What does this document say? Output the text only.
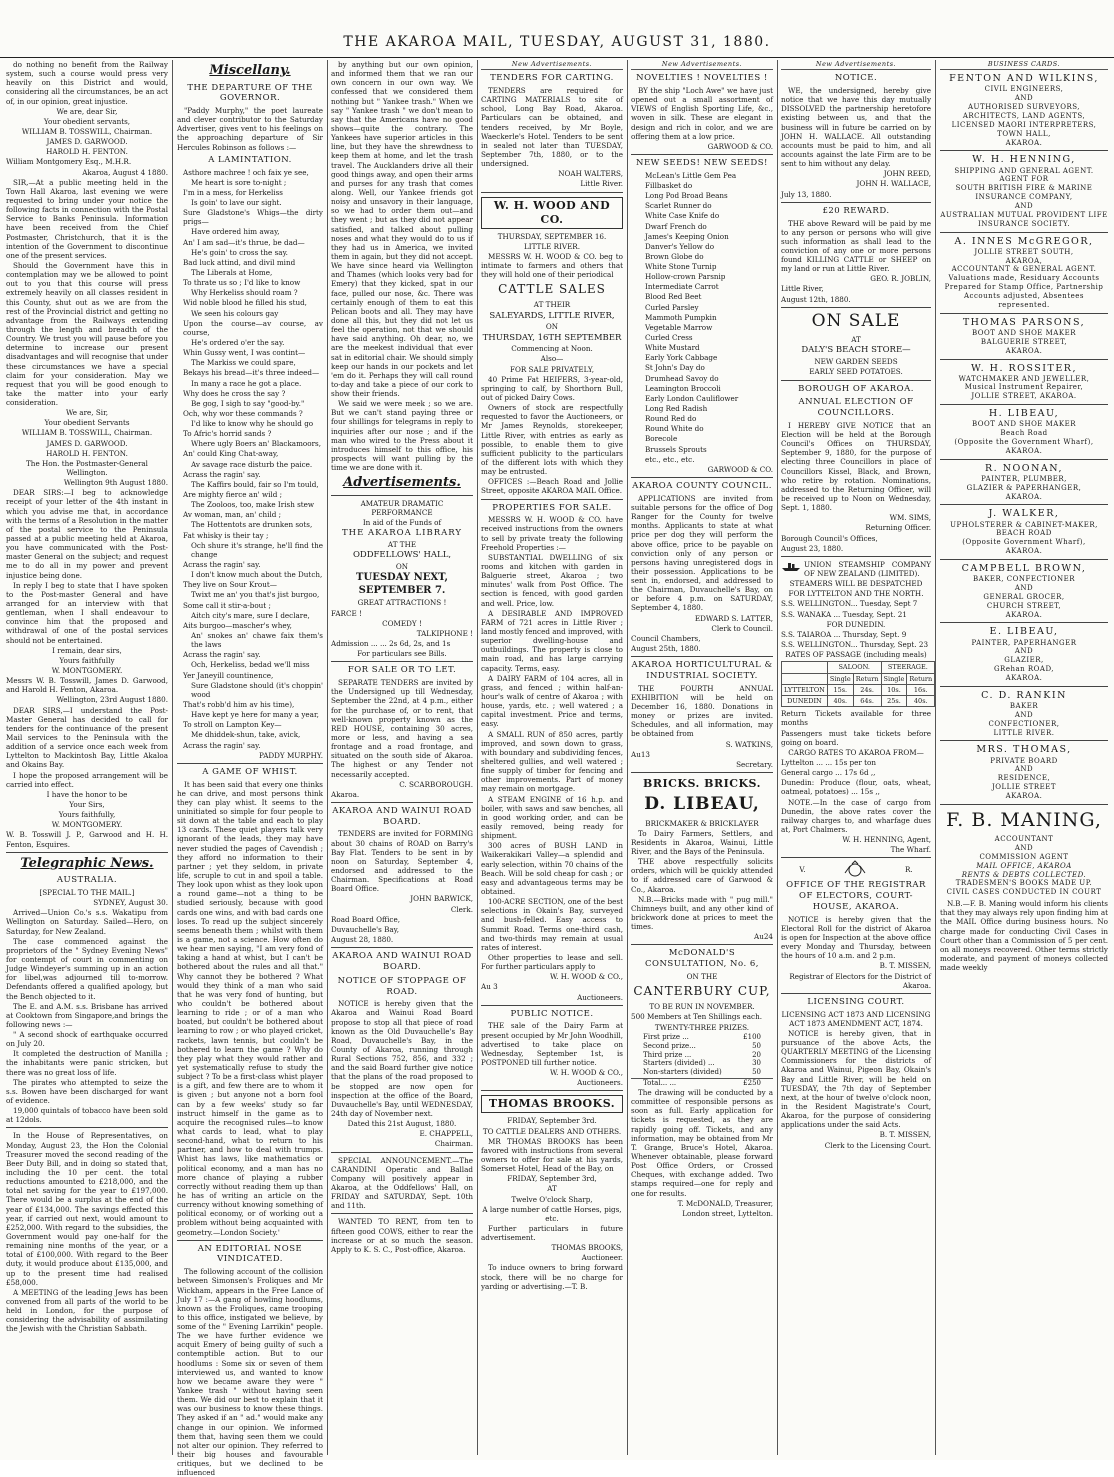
THE AKAROA MAIL, TUESDAY, AUGUST 31, 1880.

do nothing no benefit from the Railway system, such a course would press very heavily on this District and would, considering all the circumstances, be an act of, in our opinion, great injustice.

We are, dear Sir,

Your obedient servants,

WILLIAM B. TOSSWILL, Chairman.

JAMES D. GARWOOD.

HAROLD H. FENTON.

William Montgomery Esq., M.H.R.

Akaroa, August 4 1880.

SIR,—At a public meeting held in the Town Hall Akaroa, last evening we were requested to bring under your notice the following facts in connection with the Postal Service to Banks Peninsula. Information have been received from the Chief Postmaster, Christchurch, that it is the intention of the Government to discontinue one of the present services.

Should the Government have this in contemplation may we be allowed to point out to you that this course will press extremely heavily on all classes resident in this County, shut out as we are from the rest of the Provincial district and getting no advantage from the Railways extending through the length and breadth of the Country. We trust you will pause before you determine to increase our present disadvantages and will recognise that under these circumstances we have a special claim for your consideration. May we request that you will be good enough to take the matter into your early consideration.

We are, Sir,

Your obedient Servants

WILLIAM B. TOSSWILL, Chairman.

JAMES D. GARWOOD.

HAROLD H. FENTON.

The Hon. the Postmaster-General Wellington.

Wellington 9th August 1880.

DEAR SIRS:—I beg to acknowledge receipt of your letter of the 4th instant in which you advise me that, in accordance with the terms of a Resolution in the matter of the postal service to the Peninsula passed at a public meeting held at Akaroa, you have communicated with the Post-master General on the subject; and request me to do all in my power and prevent injustice being done.

In reply I beg to state that I have spoken to the Post-master General and have arranged for an interview with that gentleman, when I shall endeavour to convince him that the proposed and withdrawal of one of the postal services should not be entertained.

I remain, dear sirs,

Yours faithfully

W. MONTGOMERY.

Messrs W. B. Tosswill, James D. Garwood, and Harold H. Fenton, Akaroa.

Wellington, 23rd August 1880.

DEAR SIRS,—I understand the Post-Master General has decided to call for tenders for the continuance of the present Mail services to the Peninsula with the addition of a service once each week from Lyttelton to Mackintosh Bay, Little Akaloa and Okains Bay.

I hope the proposed arrangement will be carried into effect.

I have the honor to be

Your Sirs,

Yours faithfully,

W. MONTGOMERY.

W. B. Tosswill J. P., Garwood and H. H. Fenton, Esquires.

Telegraphic News.
AUSTRALIA.

[SPECIAL TO THE MAIL.]

SYDNEY, August 30.

Arrived—Union Co.'s s.s. Wakatipu from Wellington on Saturday. Sailed—Hero, on Saturday, for New Zealand.

The case commenced against the proprietors of the " Sydney Evening News" for contempt of court in commenting on Judge Windeyer's summing up in an action for libel,was adjourned till to-morrow. Defendants offered a qualified apology, but the Bench objected to it.

The E. and A.M. s.s. Brisbane has arrived at Cooktown from Singapore,and brings the following news :—

" A second shock of earthquake occurred on July 20.

It completed the destruction of Manilla ; the inhabitants were panic stricken, but there was no great loss of life.

The pirates who attempted to seize the s.s. Bowen have been discharged for want of evidence.

19,000 quintals of tobacco have been sold at 12dols.

In the House of Representatives, on Monday, August 23, the Hon the Colonial Treasurer moved the second reading of the Beer Duty Bill, and in doing so stated that, including the 10 per cent. the total reductions amounted to £218,000, and the total net saving for the year to £197,000. There would be a surplus at the end of the year of £134,000. The savings effected this year, if carried out next, would amount to £252,000. With regard to the subsidies, the Government would pay one-half for the remaining nine months of the year, or a total of £100,000. With regard to the Beer duty, it would produce about £135,000, and up to the present time had realised £58,000.

A MEETING of the leading Jews has been convened from all parts of the world to be held in London, for the purpose of considering the advisability of assimilating the Jewish with the Christian Sabbath.

Miscellany.
THE DEPARTURE OF THE GOVERNOR.

"Paddy Murphy," the poet laureate and clever contributor to the Saturday Advertiser, gives vent to his feelings on the approaching departure of Sir Hercules Robinson as follows :—

A LAMINTATION.

Asthore machree ! och faix ye see,

Me heart is sore to-night ;

I'm in a mess, for Herkeliss

Is goin' to lave our sight.

Sure Gladstone's Whigs—the dirty prigs—

Have ordered him away,

An' I am sad—it's thrue, be dad—

He's goin' to cross the say.

Bad luck attind, and divil mind

The Liberals at Home,

To thrate us so ; I'd like to know

Why Herkeliss should roam ?

Wid noble blood he filled his stud,

We seen his colours gay

Upon the course—av course, av course,

He's ordered o'er the say.

Whin Gussy went, I was contint—

The Markiss we could spare,

Bekays his bread—it's three indeed—

In many a race he got a place.

Why does he cross the say ?

Be gog, I sigh to say "good-by."

Och, why wor these commands ?

I'd like to know why he should go

To Afric's horrid sands ?

Where ugly Boers an' Blackamoors,

An' could King Chat-away,

Av savage race disturb the paice.

Acrass the ragin' say.

The Kaffirs bould, fair so I'm tould,

Are mighty fierce an' wild ;

The Zooloos, too, make Irish stew

Av woman, man, an' child ;

The Hottentots are drunken sots,

Fat whisky is their tay ;

Och shure it's strange, he'll find the change

Acrass the ragin' say.

I don't know much about the Dutch,

They live on Sour Krout—

Twixt me an' you that's jist burgoo,

Some call it stir-a-bout ;

Aitch city's mare, sure I declare,

Aits burgoo—mascher's whey,

An' snokes an' chawe faix them's the laws

Acrass the ragin' say.

Och, Herkeliss, bedad we'll miss

Yer Janeyill countinence,

Sure Gladstone should (it's choppin' wood

That's robb'd him av his time),

Have kept ye here for many a year,

To stroll on Lampton Key—

Me dhiddek-shun, take, avick,

Acrass the ragin' say.

PADDY MURPHY.

A GAME OF WHIST.

It has been said that every one thinks he can drive, and most persons think they can play whist. It seems to the uninitiated so simple for four people to sit down at the table and each to play 13 cards. These quiet players talk very ignorant of the leads, they may have never studied the pages of Cavendish ; they afford no information to their partner ; yet they seldom, in private life, scruple to cut in and spoil a table. They look upon whist as they look upon a round game—not a thing to be studied seriously, because with good cards one wins, and with bad cards one loses. To read up the subject sincerely seems beneath them ; whilst with them is a game, not a science. How often do we hear men saying, "I am very fond of taking a hand at whist, but I can't be bothered about the rules and all that." Why cannot they be bothered ? What would they think of a man who said that he was very fond of hunting, but who couldn't be bothered about learning to ride ; or of a man who boated, but couldn't be bothered about learning to row ; or who played cricket, rackets, lawn tennis, but couldn't be bothered to learn the game ? Why do they play what they would rather and yet systematically refuse to study the subject ? To be a first-class whist player is a gift, and few there are to whom it is given ; but anyone not a born fool can by a few weeks' study so far instruct himself in the game as to acquire the recognised rules—to know what cards to lead, what to play second-hand, what to return to his partner, and how to deal with trumps. Whist has laws, like mathematics or political economy, and a man has no more chance of playing a rubber correctly without reading them up than he has of writing an article on the currency without knowing something of political economy, or of working out a problem without being acquainted with geometry.—London Society.'

AN EDITORIAL NOSE VINDICATED.

The following account of the collision between Simonsen's Froliques and Mr Wickham, appears in the Free Lance of July 17 :—A gang of howling hoodlums, known as the Froliques, came trooping to this office, instigated we believe, by some of the " Evening Larrikin" people. The we have further evidence we acquit Emery of being guilty of such a contemptible action. But to our hoodlums : Some six or seven of them interviewed us, and wanted to know how we became aware they were " Yankee trash " without having seen them. We did our best to explain that it was our business to know these things. They asked if an " ad." would make any change in our opinion. We informed them that, having seen them we could not alter our opinion. They referred to their big houses and favourable critiques, but we declined to be influenced

by anything but our own opinion, and informed them that we ran our own concern in our own way. We confessed that we considered them nothing but " Yankee trash." When we say " Yankee trash " we don't mean to say that the Americans have no good shows—quite the contrary. The Yankees have superior articles in this line, but they have the shrewdness to keep them at home, and let the trash travel. The Aucklanders drive all their good things away, and open their arms and purses for any trash that comes along. Well, our Yankee friends got noisy and unsavory in their language, so we had to order them out—and they went ; but as they did not appear satisfied, and talked about pulling noses and what they would do to us if they had us in America, we invited them in again, but they did not accept. We have since heard via Wellington and Thames (which looks very bad for Emery) that they kicked, spat in our face, pulled our nose, &c. There was certainly enough of them to eat this Pelican boots and all. They may have done all this, but they did not let us feel the operation, not that we should have said anything. Oh dear, no, we are the meekest individual that ever sat in editorial chair. We should simply keep our hands in our pockets and let 'em do it. Perhaps they will call round to-day and take a piece of our cork to show their friends.

We said we were meek ; so we are. But we can't stand paying three or four shillings for telegrams in reply to inquiries after our nose ; and if the man who wired to the Press about it introduces himself to this office, his prospects will want pulling by the time we are done with it.

Advertisements.

AMATEUR DRAMATIC PERFORMANCE

In aid of the Funds of

THE AKAROA LIBRARY

AT THE

ODDFELLOWS' HALL,

ON

TUESDAY NEXT, SEPTEMBER 7.

GREAT ATTRACTIONS !

FARCE !

COMEDY !

TALKIPHONE !

Admission ... ... 2s 6d, 2s, and 1s

For particulars see Bills.

FOR SALE OR TO LET.

SEPARATE TENDERS are invited by the Undersigned up till Wednesday, September the 22nd, at 4 p.m., either for the purchase of, or to rent, that well-known property known as the RED HOUSE, containing 30 acres, more or less, and having a sea frontage and a road frontage, and situated on the south side of Akaroa. The highest or any Tender not necessarily accepted.

C. SCARBOROUGH.

Akaroa.

AKAROA AND WAINUI ROAD BOARD.

TENDERS are invited for FORMING about 30 chains of ROAD on Barry's Bay Flat. Tenders to be sent in by noon on Saturday, September 4, endorsed and addressed to the Chairman. Specifications at Road Board Office.

JOHN BARWICK,

Clerk.

Road Board Office,

Duvauchelle's Bay,

August 28, 1880.

AKAROA AND WAINUI ROAD BOARD.
NOTICE OF STOPPAGE OF ROAD.

NOTICE is hereby given that the Akaroa and Wainui Road Board propose to stop all that piece of road known as the Old Duvauchelle's Bay Road, Duvauchelle's Bay, in the County of Akaroa, running through Rural Sections 752, 856, and 332 ; and the said Board further give notice that the plans of the road proposed to be stopped are now open for inspection at the office of the Board, Duvauchelle's Bay, until WEDNESDAY, 24th day of November next.

Dated this 21st August, 1880.

E. CHAPPELL,

Chairman.

SPECIAL ANNOUNCEMENT.—The CARANDINI Operatic and Ballad Company will positively appear in Akaroa, at the Oddfellows' Hall, on FRIDAY and SATURDAY, Sept. 10th and 11th.

WANTED TO RENT, from ten to fifteen good COWS, either to rear the increase or at so much the season. Apply to K. S. C., Post-office, Akaroa.

New Advertisements.
TENDERS FOR CARTING.

TENDERS are required for CARTING MATERIALS to site of school, Long Bay Road, Akaroa. Particulars can be obtained, and tenders received, by Mr Boyle, Waeckerle's Hotel. Tenders to be sent in sealed not later than TUESDAY, September 7th, 1880, or to the undersigned.

NOAH WALTERS,

Little River.

W. H. WOOD AND CO.

THURSDAY, SEPTEMBER 16.

LITTLE RIVER.

MESSRS W. H. WOOD & CO. beg to intimate to farmers and others that they will hold one of their periodical

CATTLE SALES

AT THEIR

SALEYARDS, LITTLE RIVER,

ON

THURSDAY, 16TH SEPTEMBER

Commencing at Noon.

Also—

FOR SALE PRIVATELY,

40 Prime Fat HEIFERS, 3-year-old, springing to calf, by Shorthorn Bull, out of picked Dairy Cows.

Owners of stock are respectfully requested to favor the Auctioneers, or Mr James Reynolds, storekeeper, Little River, with entries as early as possible, to enable them to give sufficient publicity to the particulars of the different lots with which they may be entrusted.

OFFICES :—Beach Road and Jollie Street, opposite AKAROA MAIL Office.

PROPERTIES FOR SALE.

MESSRS W. H. WOOD & CO. have received instructions from the owners to sell by private treaty the following Freehold Properties :—

SUBSTANTIAL DWELLING of six rooms and kitchen with garden in Balguerie street, Akaroa ; two minutes' walk from Post Office. The section is fenced, with good garden and well. Price, low.

A DESIRABLE AND IMPROVED FARM of 721 acres in Little River ; land mostly fenced and improved, with superior dwelling-house and outbuildings. The property is close to main road, and has large carrying capacity. Terms, easy.

A DAIRY FARM of 104 acres, all in grass, and fenced ; within half-an-hour's walk of centre of Akaroa ; with house, yards, etc. ; well watered ; a capital investment. Price and terms, easy.

A SMALL RUN of 850 acres, partly improved, and sown down to grass, with boundary and subdividing fences, sheltered gullies, and well watered ; fine supply of timber for fencing and other improvements. Part of money may remain on mortgage.

A STEAM ENGINE of 16 h.p. and boiler, with saws and saw benches, all in good working order, and can be easily removed, being ready for shipment.

300 acres of BUSH LAND in Waikerakikari Valley—a splendid and early selection, within 70 chains of the Beach. Will be sold cheap for cash ; or easy and advantageous terms may be obtained.

100-ACRE SECTION, one of the best selections in Okain's Bay, surveyed and bush-felled. Easy access to Summit Road. Terms one-third cash, and two-thirds may remain at usual rates of interest.

Other properties to lease and sell. For further particulars apply to

W. H. WOOD & CO.,

Au 3

Auctioneers.

PUBLIC NOTICE.

THE sale of the Dairy Farm at present occupied by Mr John Woodhill, advertised to take place on Wednesday, September 1st, is POSTPONED till further notice.

W. H. WOOD & CO.,

Auctioneers.

THOMAS BROOKS.

FRIDAY, September 3rd.

TO CATTLE DEALERS AND OTHERS.

MR THOMAS BROOKS has been favored with instructions from several owners to offer for sale at his yards, Somerset Hotel, Head of the Bay, on

FRIDAY, September 3rd,

AT

Twelve O'clock Sharp,

A large number of cattle Horses, pigs, etc.

Further particulars in future advertisement.

THOMAS BROOKS,

Auctioneer.

To induce owners to bring forward stock, there will be no charge for yarding or advertising.—T. B.

New Advertisements.
NOVELTIES ! NOVELTIES !

BY the ship "Loch Awe" we have just opened out a small assortment of VIEWS of English Sporting Life, &c., woven in silk. These are elegant in design and rich in color, and we are offering them at a low price.

GARWOOD & CO.

NEW SEEDS! NEW SEEDS!

McLean's Little Gem Pea

Fillbasket do

Long Pod Broad Beans

Scarlet Runner do

White Case Knife do

Dwarf French do

James's Keeping Onion

Danver's Yellow do

Brown Globe do

White Stone Turnip

Hollow-crown Parsnip

Intermediate Carrot

Blood Red Beet

Curled Parsley

Mammoth Pumpkin

Vegetable Marrow

Curled Cress

White Mustard

Early York Cabbage

St John's Day do

Drumhead Savoy do

Leamington Broccoli

Early London Cauliflower

Long Red Radish

Round Red do

Round White do

Borecole

Brussels Sprouts

etc., etc., etc.

GARWOOD & CO.

AKAROA COUNTY COUNCIL.

APPLICATIONS are invited from suitable persons for the office of Dog Ranger for the County for twelve months. Applicants to state at what price per dog they will perform the above office, price to be payable on conviction only of any person or persons having unregistered dogs in their possession. Applications to be sent in, endorsed, and addressed to the Chairman, Duvauchelle's Bay, on or before 4 p.m. on SATURDAY, September 4, 1880.

EDWARD S. LATTER,

Clerk to Council.

Council Chambers,

August 25th, 1880.

AKAROA HORTICULTURAL & INDUSTRIAL SOCIETY.

THE FOURTH ANNUAL EXHIBITION will be held on December 16, 1880. Donations in money or prizes are invited. Schedules, and all information, may be obtained from

S. WATKINS,

Au13

Secretary.

BRICKS. BRICKS.
D. LIBEAU,

BRICKMAKER & BRICKLAYER

To Dairy Farmers, Settlers, and Residents in Akaroa, Wainui, Little River, and the Bays of the Peninsula.

THE above respectfully solicits orders, which will be quickly attended to if addressed care of Garwood & Co., Akaroa.

N.B.—Bricks made with " pug mill." Chimneys built, and any other kind of brickwork done at prices to meet the times.

Au24

McDONALD'S CONSULTATION, No. 6,

ON THE

CANTERBURY CUP,

TO BE RUN IN NOVEMBER.

500 Members at Ten Shillings each.

TWENTY-THREE PRIZES.

First prize ...	£100
Second prize...	50
Third prize ...	20
Starters (divided) ...	30
Non-starters (divided)	50
Total... ...	£250

The drawing will be conducted by a committee of responsible persons as soon as full. Early application for tickets is requested, as they are rapidly going off. Tickets, and any information, may be obtained from Mr T. Grange, Bruce's Hotel, Akaroa. Whenever obtainable, please forward Post Office Orders, or Crossed Cheques, with exchange added. Two stamps required—one for reply and one for results.

T. McDONALD, Treasurer,

London street, Lyttelton.

New Advertisements.
NOTICE.

WE, the undersigned, hereby give notice that we have this day mutually DISSOLVED the partnership heretofore existing between us, and that the business will in future be carried on by JOHN H. WALLACE. All outstanding accounts must be paid to him, and all accounts against the late Firm are to be sent to him without any delay.

JOHN REED,

JOHN H. WALLACE,

July 13, 1880.

£20 REWARD.

THE above Reward will be paid by me to any person or persons who will give such information as shall lead to the conviction of any one or more persons found KILLING CATTLE or SHEEP on my land or run at Little River.

GEO. R. JOBLIN,

Little River,

August 12th, 1880.

ON SALE

AT

DALY'S BEACH STORE—

NEW GARDEN SEEDS

EARLY SEED POTATOES.

BOROUGH OF AKAROA.
ANNUAL ELECTION OF COUNCILLORS.

I HEREBY GIVE NOTICE that an Election will be held at the Borough Council's Offices on THURSDAY, September 9, 1880, for the purpose of electing three Councillors in place of Councillors Kissel, Black, and Brown, who retire by rotation. Nominations, addressed to the Returning Officer, will be received up to Noon on Wednesday, Sept. 1, 1880.

WM. SIMS,

Returning Officer.

Borough Council's Offices,

August 23, 1880.

UNION STEAMSHIP COMPANY OF NEW ZEALAND (LIMITED).

STEAMERS WILL BE DESPATCHED

FOR LYTTELTON AND THE NORTH.

S.S. WELLINGTON... Tuesday, Sept 7

S.S. WANAKA ... Tuesday, Sept. 21

FOR DUNEDIN.

S.S. TAIAROA ... Thursday, Sept. 9

S.S. WELLINGTON... Thursday, Sept. 23

RATES OF PASSAGE (including meals)

	SALOON.		STEERAGE.	
	Single	Return	Single	Return
LYTTELTON	15s.	24s.	10s.	16s.
DUNEDIN	40s.	64s.	25s.	40s.

Return Tickets available for three months

Passengers must take tickets before going on board.

CARGO RATES TO AKAROA FROM—

Lyttelton ... ... 15s per ton

General cargo ... 17s 6d ,,

Dunedin: Produce (flour, oats, wheat, oatmeal, potatoes) ... 15s ,,

NOTE.—In the case of cargo from Dunedin, the above rates cover the railway charges to, and wharfage dues at, Port Chalmers.

W. H. HENNING, Agent,

The Wharf.

V.	R.
OFFICE OF THE REGISTRAR OF ELECTORS, COURT-HOUSE, AKAROA.

NOTICE is hereby given that the Electoral Roll for the district of Akaroa is open for Inspection at the above office every Monday and Thursday, between the hours of 10 a.m. and 2 p.m.

B. T. MISSEN,

Registrar of Electors for the District of Akaroa.

LICENSING COURT.

LICENSING ACT 1873 AND LICENSING ACT 1873 AMENDMENT ACT, 1874.

NOTICE is hereby given, that in pursuance of the above Acts, the QUARTERLY MEETING of the Licensing Commissioners for the districts of Akaroa and Wainui, Pigeon Bay, Okain's Bay and Little River, will be held on TUESDAY, the 7th day of September next, at the hour of twelve o'clock noon, in the Resident Magistrate's Court, Akaroa, for the purpose of considering applications under the said Acts.

B. T. MISSEN,

Clerk to the Licensing Court.

BUSINESS CARDS.
FENTON AND WILKINS,
CIVIL ENGINEERS,
AND
AUTHORISED SURVEYORS,
ARCHITECTS, LAND AGENTS,
LICENSED MAORI INTERPRETERS,
TOWN HALL,
AKAROA.
W. H. HENNING,
SHIPPING AND GENERAL AGENT.
AGENT FOR
SOUTH BRITISH FIRE & MARINE INSURANCE COMPANY,
AND
AUSTRALIAN MUTUAL PROVIDENT LIFE INSURANCE SOCIETY.
A. INNES McGREGOR,
JOLLIE STREET SOUTH,
AKAROA,
ACCOUNTANT & GENERAL AGENT.
Valuations made, Residuary Accounts Prepared for Stamp Office, Partnership Accounts adjusted, Absentees represented.
THOMAS PARSONS,
BOOT AND SHOE MAKER
BALGUERIE STREET,
AKAROA.
W. H. ROSSITER,
WATCHMAKER AND JEWELLER,
Musical Instrument Repairer,
JOLLIE STREET, AKAROA.
H. LIBEAU,
BOOT AND SHOE MAKER
Beach Road
(Opposite the Government Wharf),
AKAROA.
R. NOONAN,
PAINTER, PLUMBER,
GLAZIER & PAPERHANGER,
AKAROA.
J. WALKER,
UPHOLSTERER & CABINET-MAKER,
BEACH ROAD
(Opposite Government Wharf),
AKAROA.
CAMPBELL BROWN,
BAKER, CONFECTIONER
AND
GENERAL GROCER,
CHURCH STREET,
AKAROA.
E. LIBEAU,
PAINTER, PAPERHANGER
AND
GLAZIER,
GRehan ROAD,
AKAROA.
C. D. RANKIN
BAKER
AND
CONFECTIONER,
LITTLE RIVER.
MRS. THOMAS,
PRIVATE BOARD
AND
RESIDENCE,
JOLLIE STREET
AKAROA.
F. B. MANING,
ACCOUNTANT
AND
COMMISSION AGENT
MAIL OFFICE, AKAROA
RENTS & DEBTS COLLECTED.
TRADESMEN'S BOOKS MADE UP.
CIVIL CASES CONDUCTED IN COURT

N.B.—F. B. Maning would inform his clients that they may always rely upon finding him at the MAIL Office during business hours. No charge made for conducting Civil Cases in Court other than a Commission of 5 per cent. on all moneys recovered. Other terms strictly moderate, and payment of moneys collected made weekly
